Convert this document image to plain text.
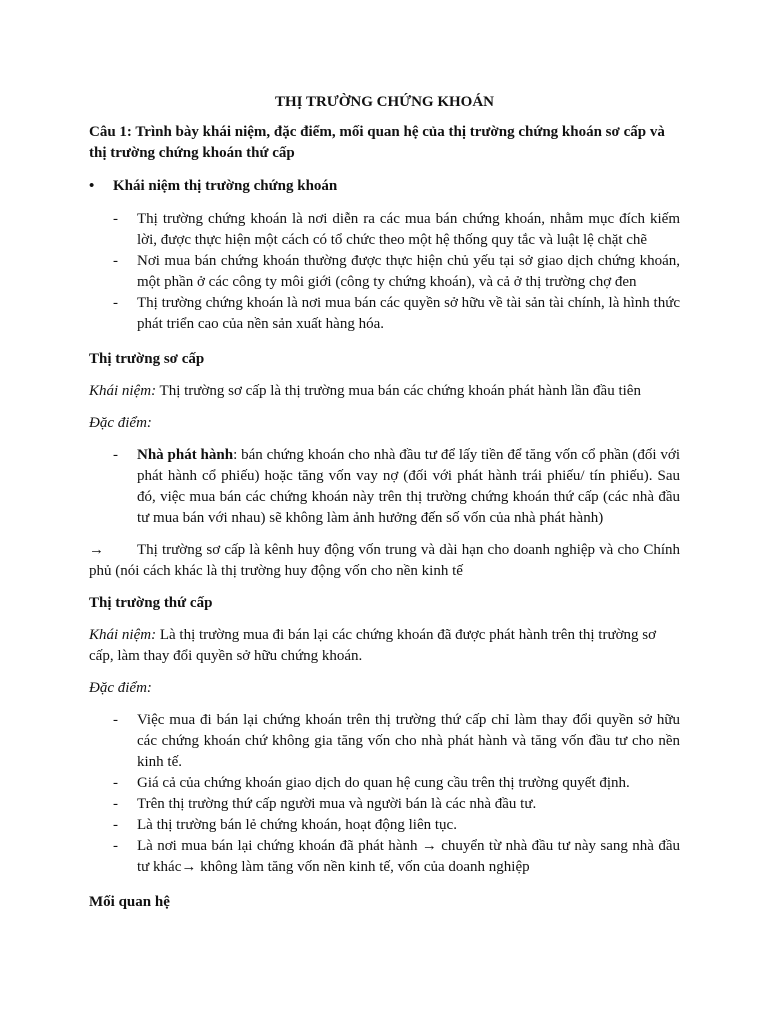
THỊ TRƯỜNG CHỨNG KHOÁN
Câu 1: Trình bày khái niệm, đặc điểm, mối quan hệ của thị trường chứng khoán sơ cấp và thị trường chứng khoán thứ cấp
• Khái niệm thị trường chứng khoán
- Thị trường chứng khoán là nơi diễn ra các mua bán chứng khoán, nhằm mục đích kiếm lời, được thực hiện một cách có tổ chức theo một hệ thống quy tắc và luật lệ chặt chẽ
- Nơi mua bán chứng khoán thường được thực hiện chủ yếu tại sở giao dịch chứng khoán, một phần ở các công ty môi giới (công ty chứng khoán), và cả ở thị trường chợ đen
- Thị trường chứng khoán là nơi mua bán các quyền sở hữu về tài sản tài chính, là hình thức phát triển cao của nền sản xuất hàng hóa.
Thị trường sơ cấp
Khái niệm: Thị trường sơ cấp là thị trường mua bán các chứng khoán phát hành lần đầu tiên
Đặc điểm:
- Nhà phát hành: bán chứng khoán cho nhà đầu tư để lấy tiền để tăng vốn cổ phần (đối với phát hành cổ phiếu) hoặc tăng vốn vay nợ (đối với phát hành trái phiếu/ tín phiếu). Sau đó, việc mua bán các chứng khoán này trên thị trường chứng khoán thứ cấp (các nhà đầu tư mua bán với nhau) sẽ không làm ảnh hưởng đến số vốn của nhà phát hành)
→ Thị trường sơ cấp là kênh huy động vốn trung và dài hạn cho doanh nghiệp và cho Chính phủ (nói cách khác là thị trường huy động vốn cho nền kinh tế
Thị trường thứ cấp
Khái niệm: Là thị trường mua đi bán lại các chứng khoán đã được phát hành trên thị trường sơ cấp, làm thay đổi quyền sở hữu chứng khoán.
Đặc điểm:
- Việc mua đi bán lại chứng khoán trên thị trường thứ cấp chỉ làm thay đổi quyền sở hữu các chứng khoán chứ không gia tăng vốn cho nhà phát hành và tăng vốn đầu tư cho nền kinh tế.
- Giá cả của chứng khoán giao dịch do quan hệ cung cầu trên thị trường quyết định.
- Trên thị trường thứ cấp người mua và người bán là các nhà đầu tư.
- Là thị trường bán lẻ chứng khoán, hoạt động liên tục.
- Là nơi mua bán lại chứng khoán đã phát hành → chuyển từ nhà đầu tư này sang nhà đầu tư khác→ không làm tăng vốn nền kinh tế, vốn của doanh nghiệp
Mối quan hệ
